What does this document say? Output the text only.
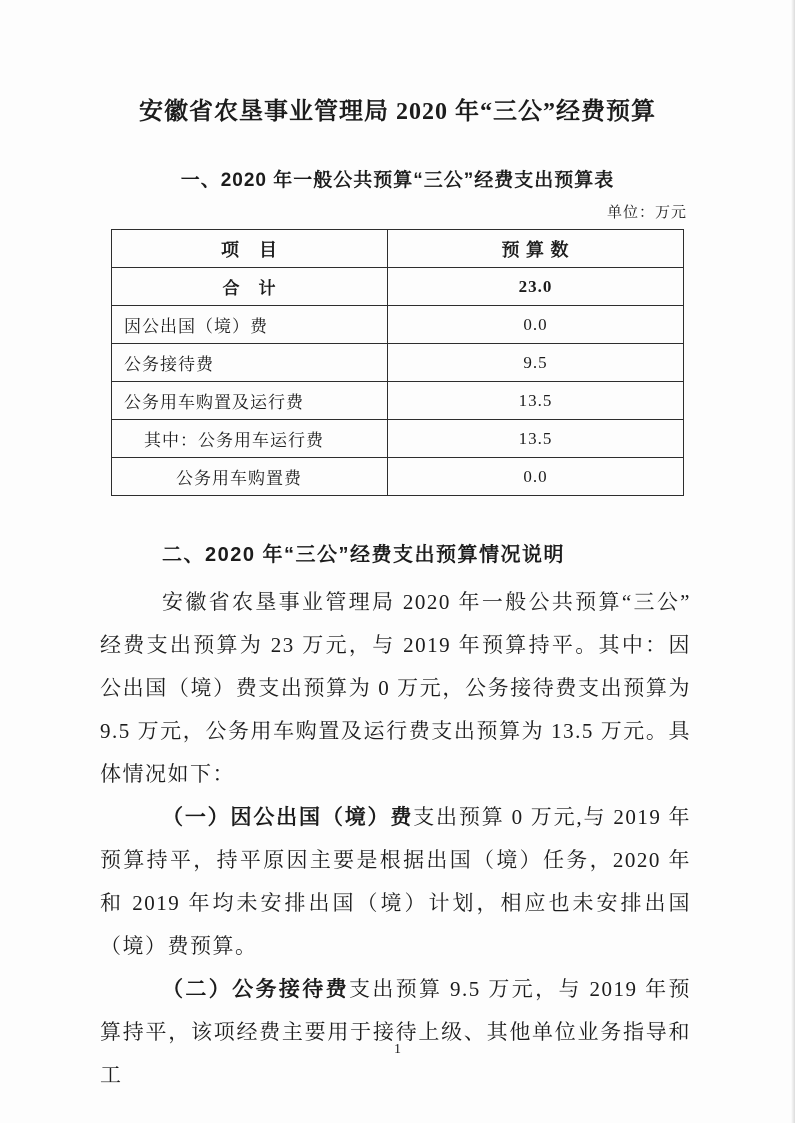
安徽省农垦事业管理局 2020 年“三公”经费预算
一、2020 年一般公共预算“三公”经费支出预算表
单位：万元
项　目	预 算 数
合　计	23.0
因公出国（境）费	0.0
公务接待费	9.5
公务用车购置及运行费	13.5
其中：公务用车运行费	13.5
公务用车购置费	0.0
二、2020 年“三公”经费支出预算情况说明

安徽省农垦事业管理局 2020 年一般公共预算“三公”经费支出预算为 23 万元，与 2019 年预算持平。其中：因公出国（境）费支出预算为 0 万元，公务接待费支出预算为 9.5 万元，公务用车购置及运行费支出预算为 13.5 万元。具体情况如下：

（一）因公出国（境）费支出预算 0 万元,与 2019 年预算持平，持平原因主要是根据出国（境）任务，2020 年和 2019 年均未安排出国（境）计划，相应也未安排出国（境）费预算。

（二）公务接待费支出预算 9.5 万元，与 2019 年预算持平，该项经费主要用于接待上级、其他单位业务指导和工

1
